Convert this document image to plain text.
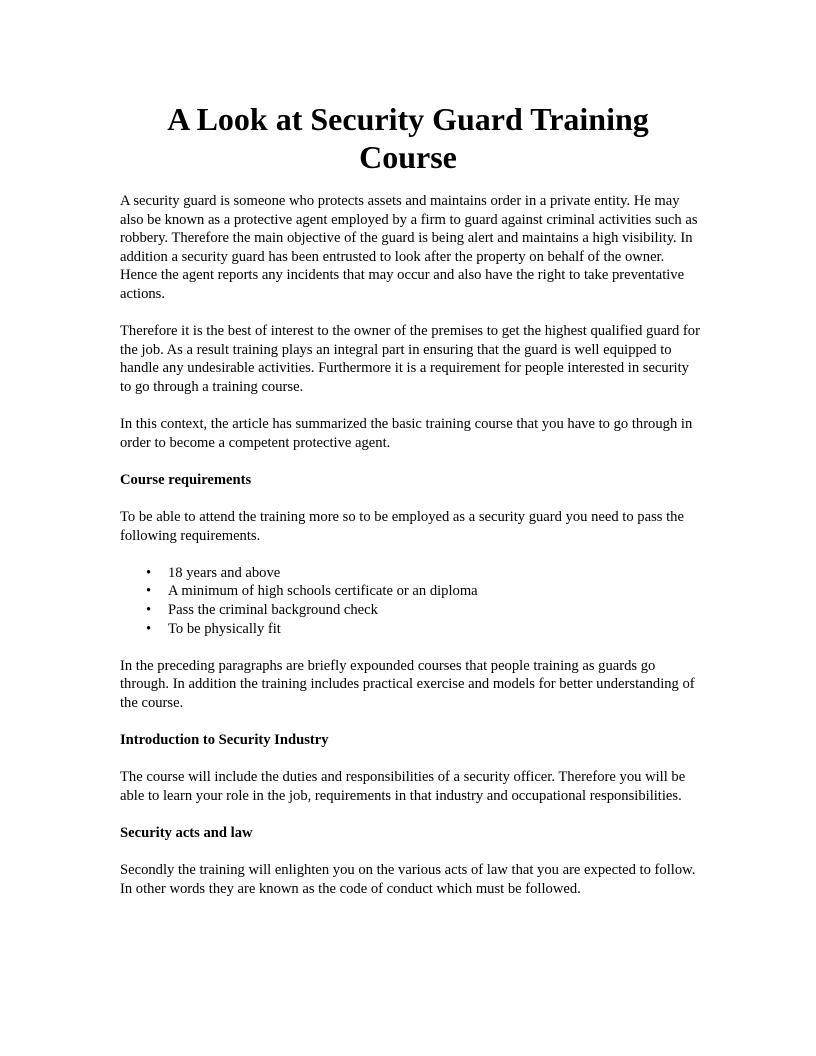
A Look at Security Guard Training Course

A security guard is someone who protects assets and maintains order in a private entity. He may also be known as a protective agent employed by a firm to guard against criminal activities such as robbery. Therefore the main objective of the guard is being alert and maintains a high visibility. In addition a security guard has been entrusted to look after the property on behalf of the owner. Hence the agent reports any incidents that may occur and also have the right to take preventative actions.

Therefore it is the best of interest to the owner of the premises to get the highest qualified guard for the job. As a result training plays an integral part in ensuring that the guard is well equipped to handle any undesirable activities. Furthermore it is a requirement for people interested in security to go through a training course.

In this context, the article has summarized the basic training course that you have to go through in order to become a competent protective agent.

Course requirements

To be able to attend the training more so to be employed as a security guard you need to pass the following requirements.

• 18 years and above
• A minimum of high schools certificate or an diploma
• Pass the criminal background check
• To be physically fit

In the preceding paragraphs are briefly expounded courses that people training as guards go through. In addition the training includes practical exercise and models for better understanding of the course.

Introduction to Security Industry

The course will include the duties and responsibilities of a security officer. Therefore you will be able to learn your role in the job, requirements in that industry and occupational responsibilities.

Security acts and law

Secondly the training will enlighten you on the various acts of law that you are expected to follow. In other words they are known as the code of conduct which must be followed.
